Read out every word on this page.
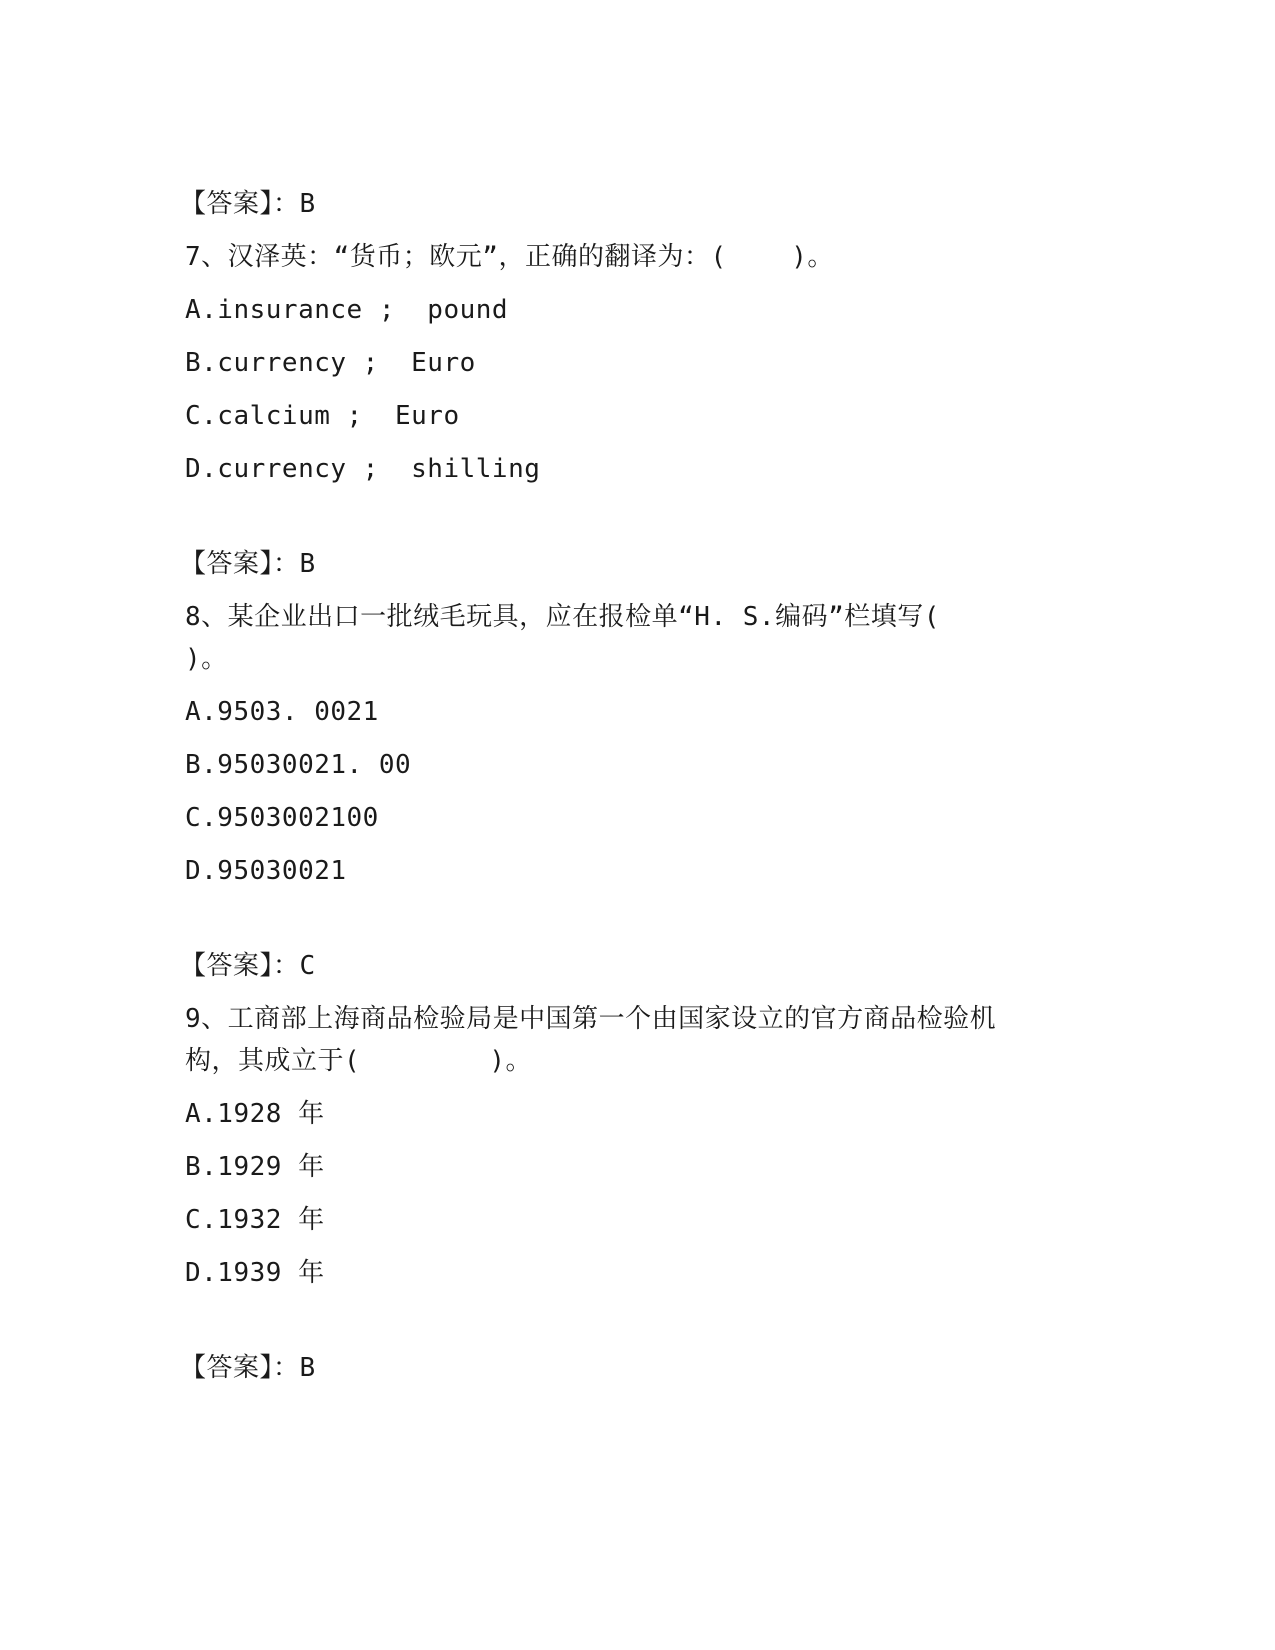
【答案】：B
7、汉泽英：“货币；欧元”，正确的翻译为：(    )。
A.insurance ;  pound
B.currency ;  Euro
C.calcium ;  Euro
D.currency ;  shilling
【答案】：B
8、某企业出口一批绒毛玩具，应在报检单“H. S.编码”栏填写(
)。
A.9503. 0021
B.95030021. 00
C.9503002100
D.95030021
【答案】：C
9、工商部上海商品检验局是中国第一个由国家设立的官方商品检验机
构，其成立于(        )。
A.1928 年
B.1929 年
C.1932 年
D.1939 年
【答案】：B
